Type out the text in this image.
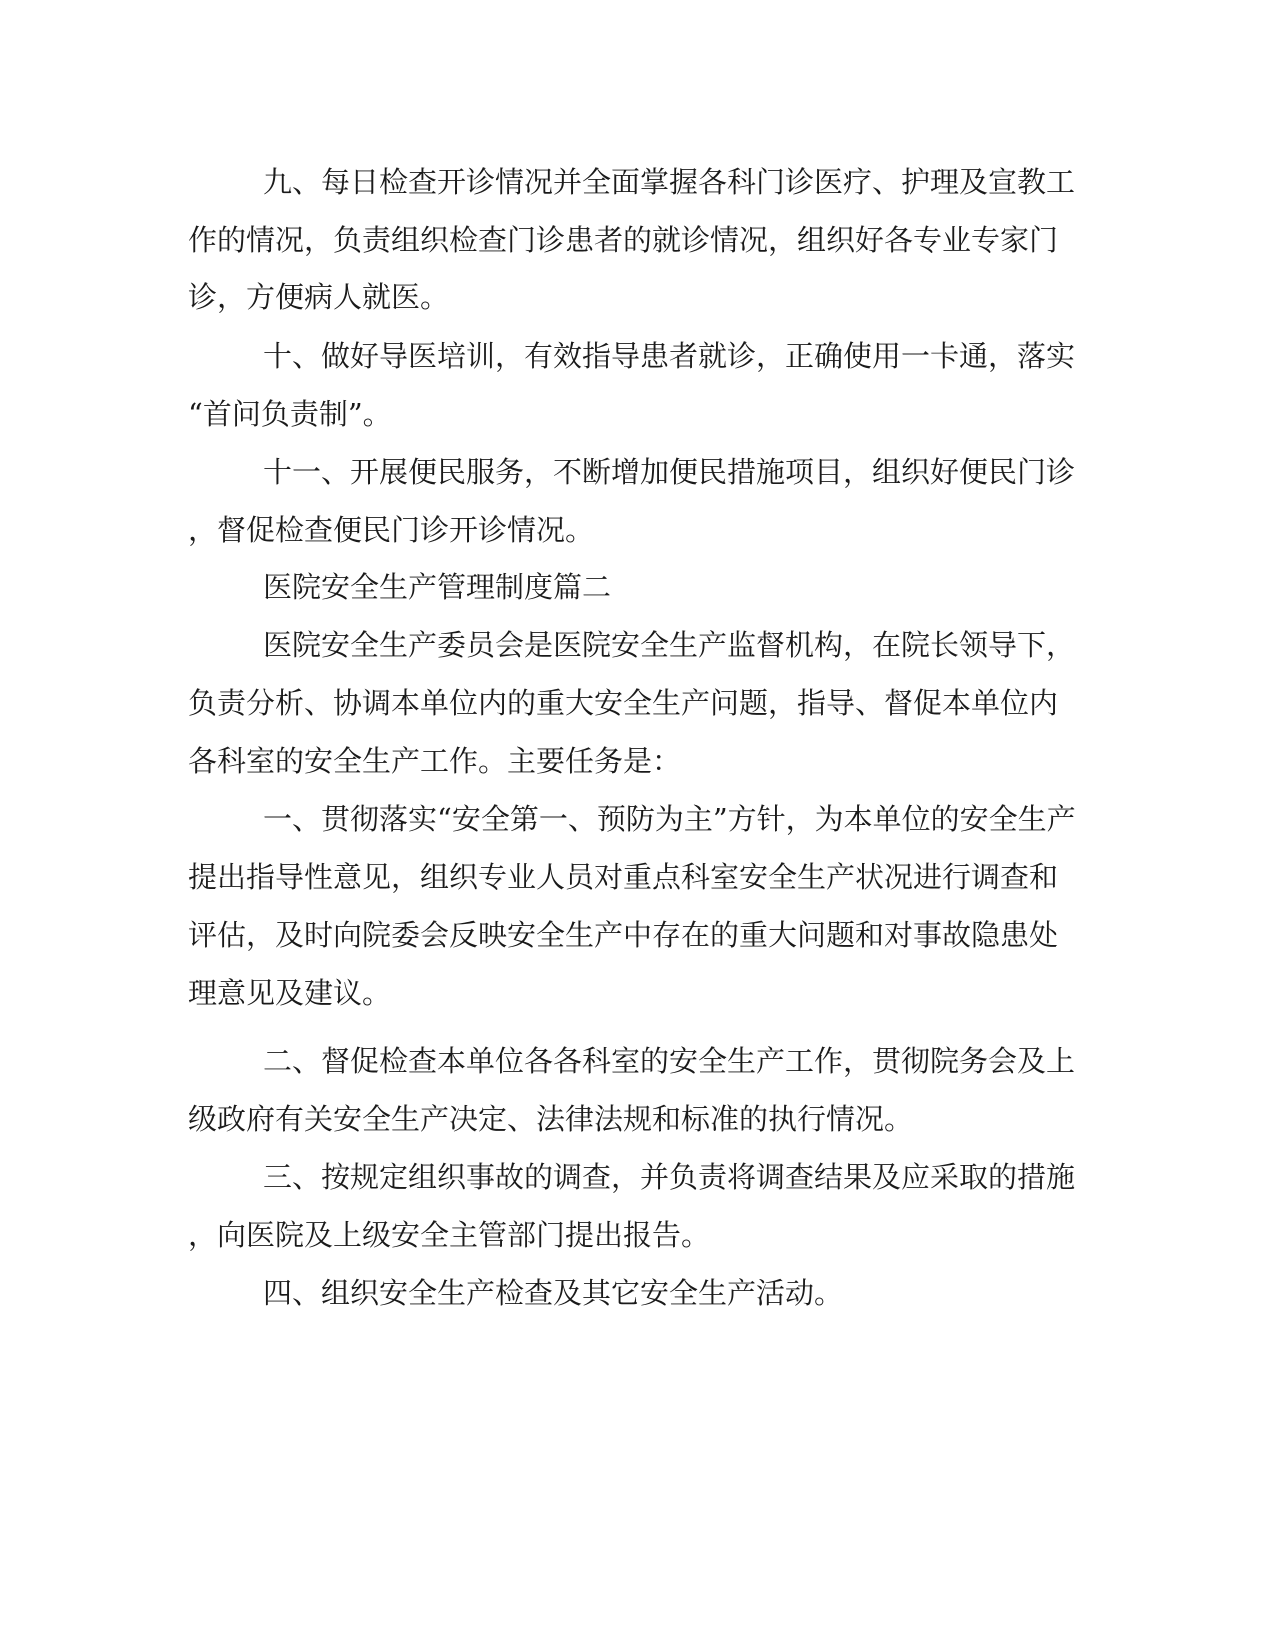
九、每日检查开诊情况并全面掌握各科门诊医疗、护理及宣教工

作的情况，负责组织检查门诊患者的就诊情况，组织好各专业专家门

诊，方便病人就医。

十、做好导医培训，有效指导患者就诊，正确使用一卡通，落实

“首问负责制”。

十一、开展便民服务，不断增加便民措施项目，组织好便民门诊

，督促检查便民门诊开诊情况。

医院安全生产管理制度篇二

医院安全生产委员会是医院安全生产监督机构，在院长领导下，

负责分析、协调本单位内的重大安全生产问题，指导、督促本单位内

各科室的安全生产工作。主要任务是：

一、贯彻落实“安全第一、预防为主”方针，为本单位的安全生产

提出指导性意见，组织专业人员对重点科室安全生产状况进行调查和

评估，及时向院委会反映安全生产中存在的重大问题和对事故隐患处

理意见及建议。

二、督促检查本单位各各科室的安全生产工作，贯彻院务会及上

级政府有关安全生产决定、法律法规和标准的执行情况。

三、按规定组织事故的调查，并负责将调查结果及应采取的措施

，向医院及上级安全主管部门提出报告。

四、组织安全生产检查及其它安全生产活动。
